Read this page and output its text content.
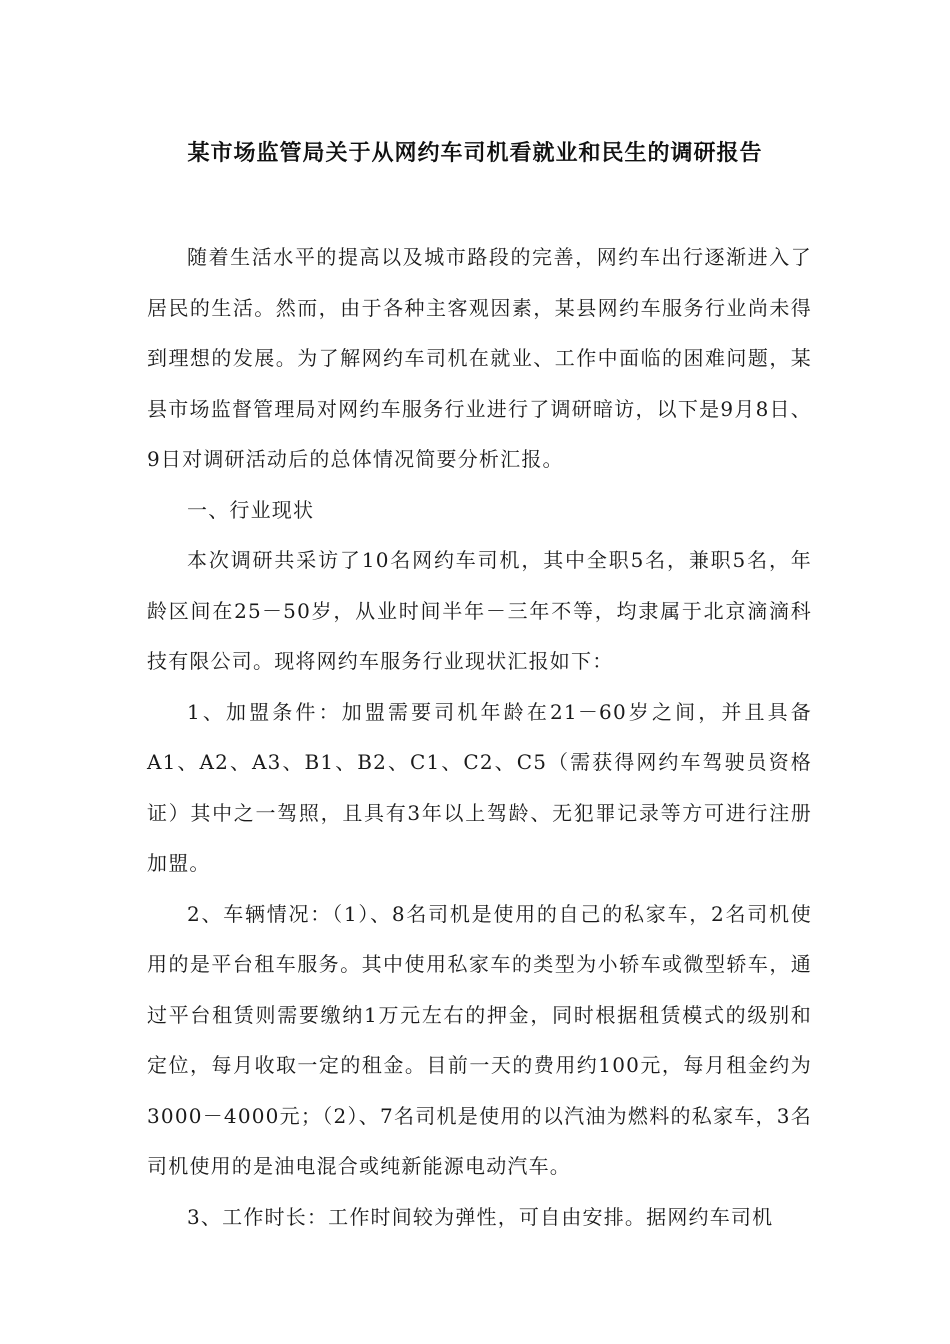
某市场监管局关于从网约车司机看就业和民生的调研报告

随着生活水平的提高以及城市路段的完善，网约车出行逐渐进入了居民的生活。然而，由于各种主客观因素，某县网约车服务行业尚未得到理想的发展。为了解网约车司机在就业、工作中面临的困难问题，某县市场监督管理局对网约车服务行业进行了调研暗访，以下是9月8日、9日对调研活动后的总体情况简要分析汇报。

一、行业现状

本次调研共采访了10名网约车司机，其中全职5名，兼职5名，年龄区间在25－50岁，从业时间半年－三年不等，均隶属于北京滴滴科技有限公司。现将网约车服务行业现状汇报如下：

1、加盟条件：加盟需要司机年龄在21－60岁之间，并且具备A1、A2、A3、B1、B2、C1、C2、C5（需获得网约车驾驶员资格证）其中之一驾照，且具有3年以上驾龄、无犯罪记录等方可进行注册加盟。

2、车辆情况：（1）、8名司机是使用的自己的私家车，2名司机使用的是平台租车服务。其中使用私家车的类型为小轿车或微型轿车，通过平台租赁则需要缴纳1万元左右的押金，同时根据租赁模式的级别和定位，每月收取一定的租金。目前一天的费用约100元，每月租金约为3000－4000元；（2）、7名司机是使用的以汽油为燃料的私家车，3名司机使用的是油电混合或纯新能源电动汽车。

3、工作时长：工作时间较为弹性，可自由安排。据网约车司机
